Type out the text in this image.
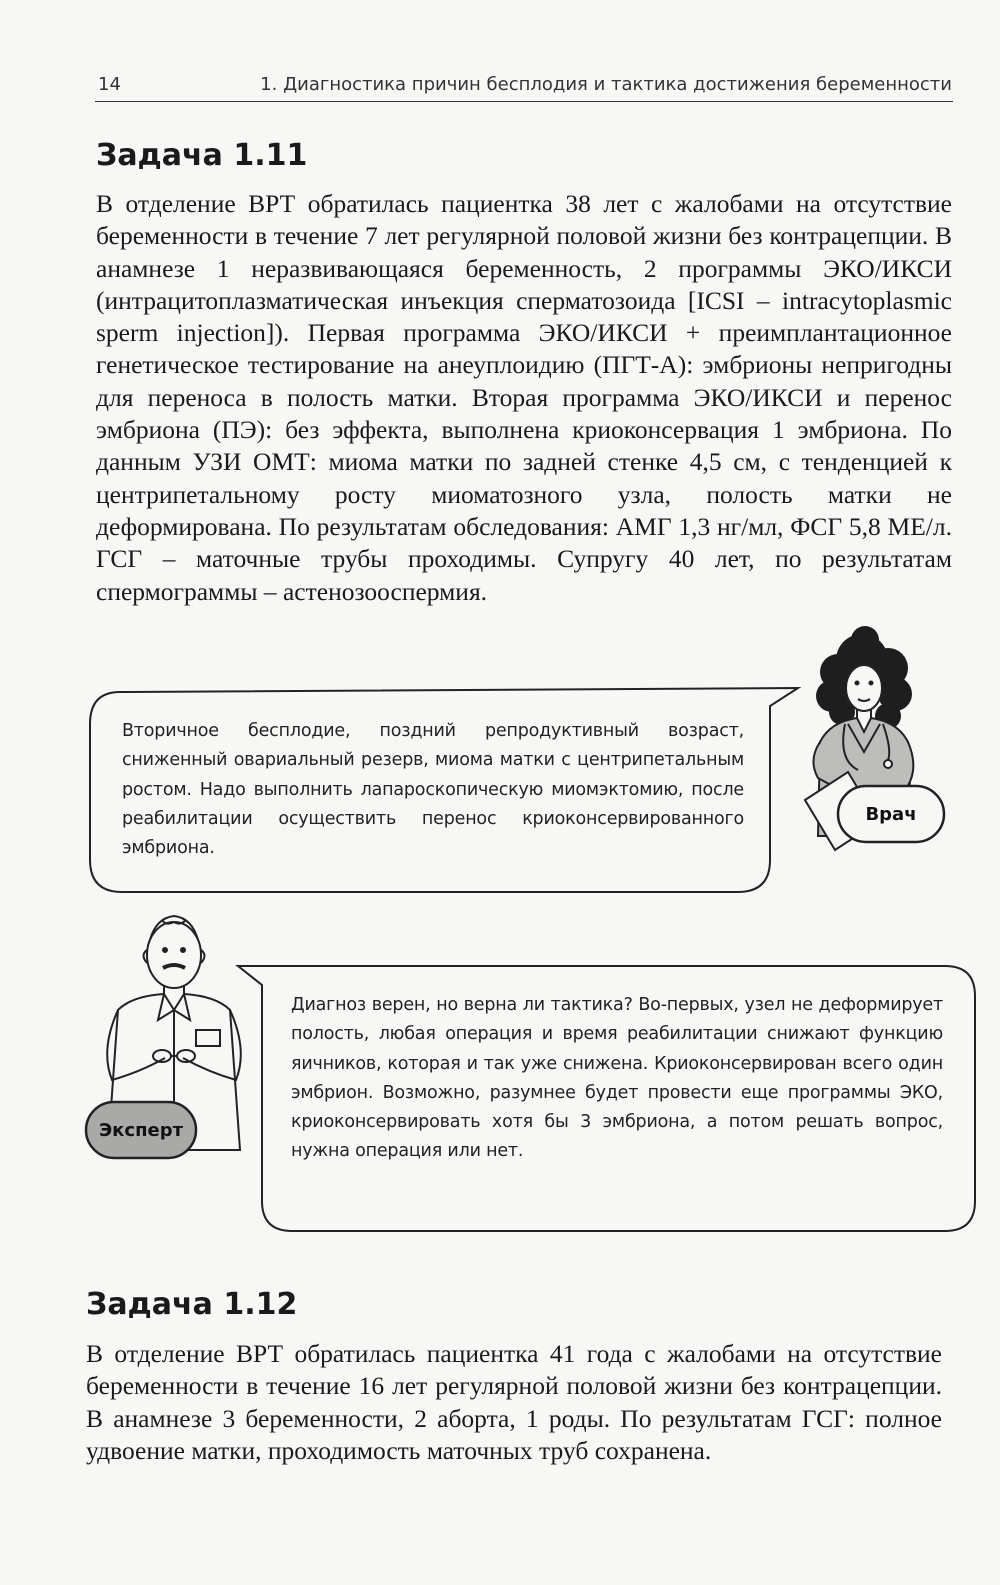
14	1. Диагностика причин бесплодия и тактика достижения беременности
Задача 1.11
В отделение ВРТ обратилась пациентка 38 лет с жалобами на отсутствие беременности в течение 7 лет регулярной половой жизни без контрацепции. В анамнезе 1 неразвивающаяся беременность, 2 программы ЭКО/ИКСИ (интрацитоплазматическая инъекция сперматозоида [ICSI – intracytoplasmic sperm injection]). Первая программа ЭКО/ИКСИ + преимплантационное генетическое тестирование на анеуплоидию (ПГТ-А): эмбрионы непригодны для переноса в полость матки. Вторая программа ЭКО/ИКСИ и перенос эмбриона (ПЭ): без эффекта, выполнена криоконсервация 1 эмбриона. По данным УЗИ ОМТ: миома матки по задней стенке 4,5 см, с тенденцией к центрипетальному росту миоматозного узла, полость матки не деформирована. По результатам обследования: АМГ 1,3 нг/мл, ФСГ 5,8 МЕ/л. ГСГ – маточные трубы проходимы. Супругу 40 лет, по результатам спермограммы – астенозооспермия.
Вторичное бесплодие, поздний репродуктивный возраст, сниженный овариальный резерв, миома матки с центрипетальным ростом. Надо выполнить лапароскопическую миомэктомию, после реабилитации осуществить перенос криоконсервированного эмбриона.
Врач
Диагноз верен, но верна ли тактика? Во-первых, узел не деформирует полость, любая операция и время реабилитации снижают функцию яичников, которая и так уже снижена. Криоконсервирован всего один эмбрион. Возможно, разумнее будет провести еще программы ЭКО, криоконсервировать хотя бы 3 эмбриона, а потом решать вопрос, нужна операция или нет.
Эксперт
Задача 1.12
В отделение ВРТ обратилась пациентка 41 года с жалобами на отсутствие беременности в течение 16 лет регулярной половой жизни без контрацепции. В анамнезе 3 беременности, 2 аборта, 1 роды. По результатам ГСГ: полное удвоение матки, проходимость маточных труб сохранена.
